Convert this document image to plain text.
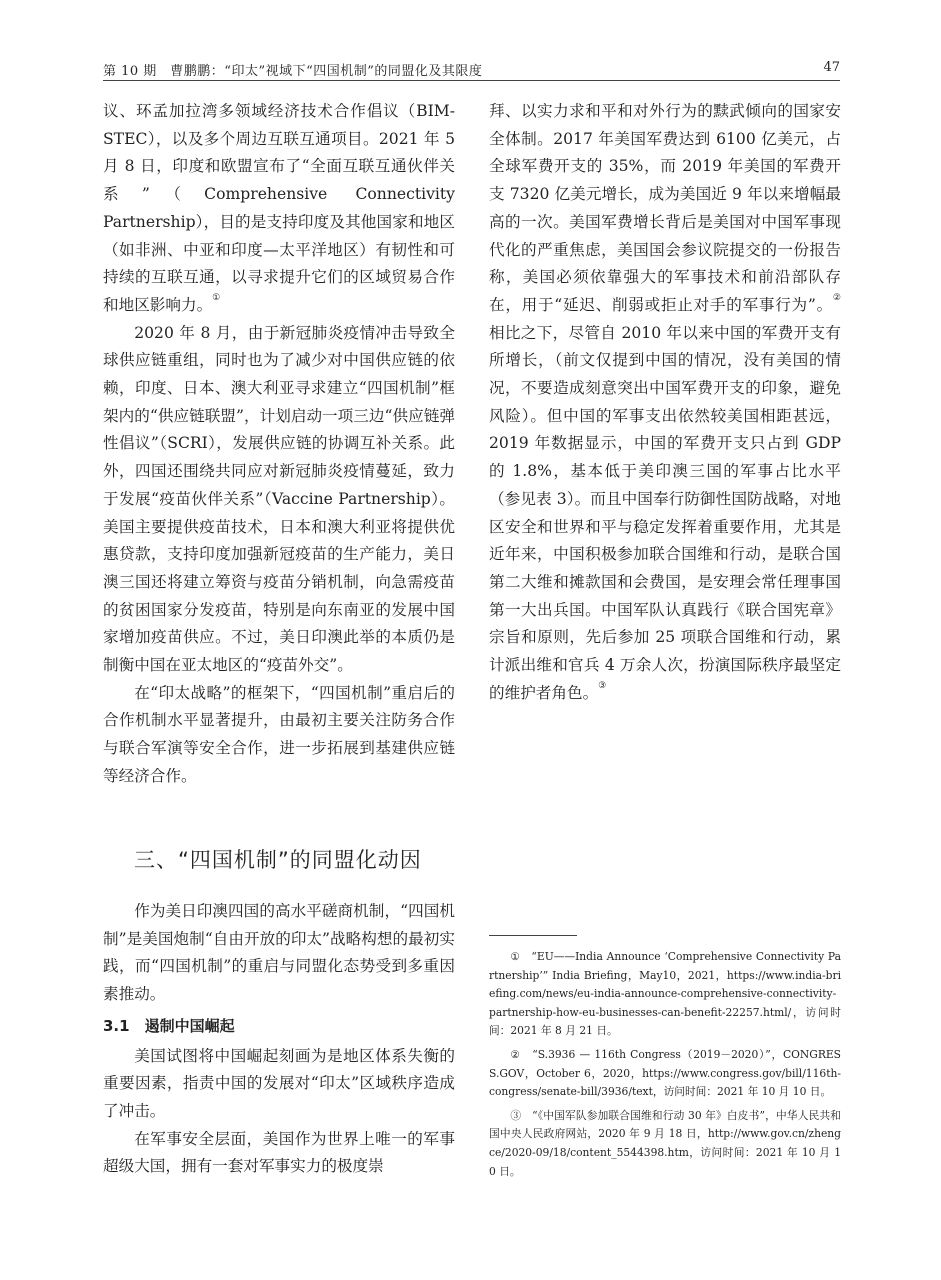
第 10 期　曹鹏鹏：“印太”视域下“四国机制”的同盟化及其限度	47

议、环孟加拉湾多领域经济技术合作倡议（BIM-STEC），以及多个周边互联互通项目。2021 年 5 月 8 日，印度和欧盟宣布了“全面互联互通伙伴关系”（Comprehensive Connectivity Partnership），目的是支持印度及其他国家和地区（如非洲、中亚和印度—太平洋地区）有韧性和可持续的互联互通，以寻求提升它们的区域贸易合作和地区影响力。①

2020 年 8 月，由于新冠肺炎疫情冲击导致全球供应链重组，同时也为了减少对中国供应链的依赖，印度、日本、澳大利亚寻求建立“四国机制”框架内的“供应链联盟”，计划启动一项三边“供应链弹性倡议”（SCRI），发展供应链的协调互补关系。此外，四国还围绕共同应对新冠肺炎疫情蔓延，致力于发展“疫苗伙伴关系”（Vaccine Partnership）。美国主要提供疫苗技术，日本和澳大利亚将提供优惠贷款，支持印度加强新冠疫苗的生产能力，美日澳三国还将建立筹资与疫苗分销机制，向急需疫苗的贫困国家分发疫苗，特别是向东南亚的发展中国家增加疫苗供应。不过，美日印澳此举的本质仍是制衡中国在亚太地区的“疫苗外交”。

在“印太战略”的框架下，“四国机制”重启后的合作机制水平显著提升，由最初主要关注防务合作与联合军演等安全合作，进一步拓展到基建供应链等经济合作。

三、“四国机制”的同盟化动因

作为美日印澳四国的高水平磋商机制，“四国机制”是美国炮制“自由开放的印太”战略构想的最初实践，而“四国机制”的重启与同盟化态势受到多重因素推动。

3.1　遏制中国崛起

美国试图将中国崛起刻画为是地区体系失衡的重要因素，指责中国的发展对“印太”区域秩序造成了冲击。

在军事安全层面，美国作为世界上唯一的军事超级大国，拥有一套对军事实力的极度崇

拜、以实力求和平和对外行为的黩武倾向的国家安全体制。2017 年美国军费达到 6100 亿美元，占全球军费开支的 35%，而 2019 年美国的军费开支 7320 亿美元增长，成为美国近 9 年以来增幅最高的一次。美国军费增长背后是美国对中国军事现代化的严重焦虑，美国国会参议院提交的一份报告称，美国必须依靠强大的军事技术和前沿部队存在，用于“延迟、削弱或拒止对手的军事行为”。② 相比之下，尽管自 2010 年以来中国的军费开支有所增长，（前文仅提到中国的情况，没有美国的情况，不要造成刻意突出中国军费开支的印象，避免风险）。但中国的军事支出依然较美国相距甚远，2019 年数据显示，中国的军费开支只占到 GDP 的 1.8%，基本低于美印澳三国的军事占比水平（参见表 3）。而且中国奉行防御性国防战略，对地区安全和世界和平与稳定发挥着重要作用，尤其是近年来，中国积极参加联合国维和行动，是联合国第二大维和摊款国和会费国，是安理会常任理事国第一大出兵国。中国军队认真践行《联合国宪章》宗旨和原则，先后参加 25 项联合国维和行动，累计派出维和官兵 4 万余人次，扮演国际秩序最坚定的维护者角色。③

①　“EU——India Announce ‘Comprehensive Connectivity Partnership’” India Briefing，May10，2021，https://www.india-briefing.com/news/eu-india-announce-comprehensive-connectivity-partnership-how-eu-businesses-can-benefit-22257.html/，访问时间：2021 年 8 月 21 日。

②　“S.3936 — 116th Congress（2019－2020）”，CONGRESS.GOV，October 6，2020，https://www.congress.gov/bill/116th-congress/senate-bill/3936/text，访问时间：2021 年 10 月 10 日。

③　“《中国军队参加联合国维和行动 30 年》白皮书”，中华人民共和国中央人民政府网站，2020 年 9 月 18 日，http://www.gov.cn/zhengce/2020-09/18/content_5544398.htm，访问时间：2021 年 10 月 10 日。
